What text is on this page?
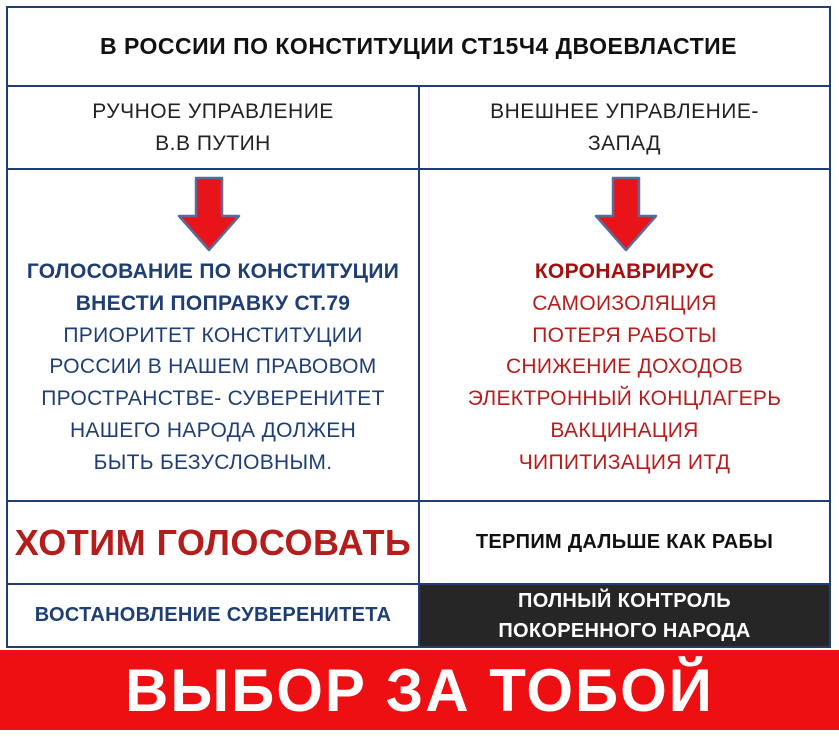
В РОССИИ ПО КОНСТИТУЦИИ СТ15Ч4 ДВОЕВЛАСТИЕ
РУЧНОЕ УПРАВЛЕНИЕ
В.В ПУТИН
ВНЕШНЕЕ УПРАВЛЕНИЕ-
ЗАПАД
ГОЛОСОВАНИЕ ПО КОНСТИТУЦИИ
ВНЕСТИ ПОПРАВКУ СТ.79
ПРИОРИТЕТ КОНСТИТУЦИИ
РОССИИ В НАШЕМ ПРАВОВОМ
ПРОСТРАНСТВЕ- СУВЕРЕНИТЕТ
НАШЕГО НАРОДА ДОЛЖЕН
БЫТЬ БЕЗУСЛОВНЫМ.
КОРОНАВРИРУС
САМОИЗОЛЯЦИЯ
ПОТЕРЯ РАБОТЫ
СНИЖЕНИЕ ДОХОДОВ
ЭЛЕКТРОННЫЙ КОНЦЛАГЕРЬ
ВАКЦИНАЦИЯ
ЧИПИТИЗАЦИЯ ИТД
ХОТИМ ГОЛОСОВАТЬ	ТЕРПИМ ДАЛЬШЕ КАК РАБЫ
ВОСТАНОВЛЕНИЕ СУВЕРЕНИТЕТА
ПОЛНЫЙ КОНТРОЛЬ
ПОКОРЕННОГО НАРОДА
ВЫБОР ЗА ТОБОЙ
